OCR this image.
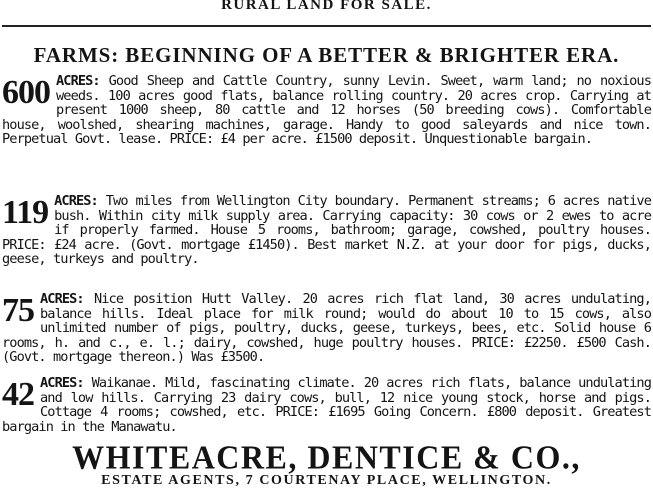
RURAL LAND FOR SALE.
FARMS: BEGINNING OF A BETTER & BRIGHTER ERA.
600 ACRES: Good Sheep and Cattle Country, sunny Levin. Sweet, warm land; no noxious weeds. 100 acres good flats, balance rolling country. 20 acres crop. Carrying at present 1000 sheep, 80 cattle and 12 horses (50 breeding cows). Comfortable house, woolshed, shearing machines, garage. Handy to good saleyards and nice town. Perpetual Govt. lease. PRICE: £4 per acre. £1500 deposit. Unquestionable bargain.

119 ACRES: Two miles from Wellington City boundary. Permanent streams; 6 acres native bush. Within city milk supply area. Carrying capacity: 30 cows or 2 ewes to acre if properly farmed. House 5 rooms, bathroom; garage, cowshed, poultry houses. PRICE: £24 acre. (Govt. mortgage £1450). Best market N.Z. at your door for pigs, ducks, geese, turkeys and poultry.

75 ACRES: Nice position Hutt Valley. 20 acres rich flat land, 30 acres undulating, balance hills. Ideal place for milk round; would do about 10 to 15 cows, also unlimited number of pigs, poultry, ducks, geese, turkeys, bees, etc. Solid house 6 rooms, h. and c., e. l.; dairy, cowshed, huge poultry houses. PRICE: £2250. £500 Cash. (Govt. mortgage thereon.) Was £3500.

42 ACRES: Waikanae. Mild, fascinating climate. 20 acres rich flats, balance undulating and low hills. Carrying 23 dairy cows, bull, 12 nice young stock, horse and pigs. Cottage 4 rooms; cowshed, etc. PRICE: £1695 Going Concern. £800 deposit. Greatest bargain in the Manawatu.

WHITEACRE, DENTICE & CO.,
ESTATE AGENTS, 7 COURTENAY PLACE, WELLINGTON.
